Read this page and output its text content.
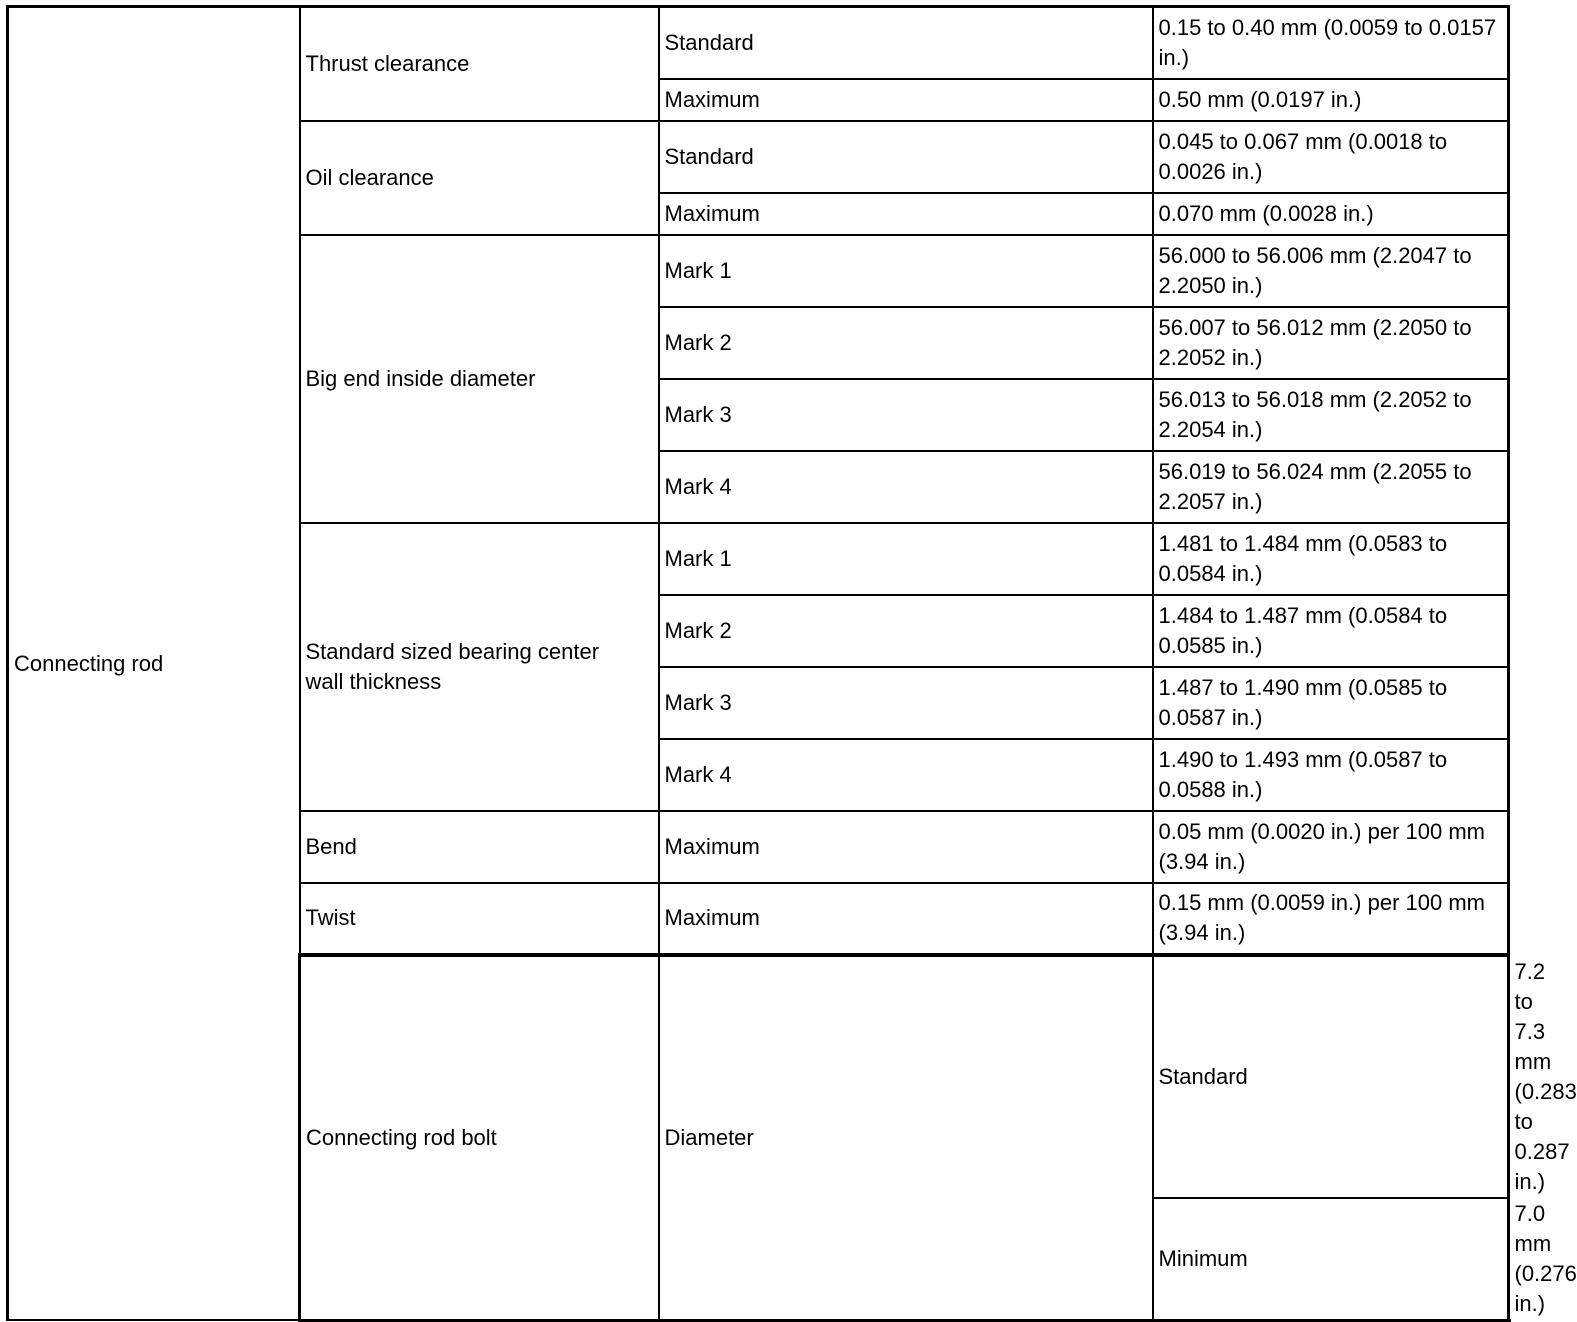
Connecting rod	Thrust clearance	Standard	0.15 to 0.40 mm (0.0059 to 0.0157 in.)	
		Maximum	0.50 mm (0.0197 in.)	
	Oil clearance	Standard	0.045 to 0.067 mm (0.0018 to 0.0026 in.)	
		Maximum	0.070 mm (0.0028 in.)	
	Big end inside diameter	Mark 1	56.000 to 56.006 mm (2.2047 to 2.2050 in.)	
		Mark 2	56.007 to 56.012 mm (2.2050 to 2.2052 in.)	
		Mark 3	56.013 to 56.018 mm (2.2052 to 2.2054 in.)	
		Mark 4	56.019 to 56.024 mm (2.2055 to 2.2057 in.)	
	Standard sized bearing center
wall thickness	Mark 1	1.481 to 1.484 mm (0.0583 to 0.0584 in.)	
		Mark 2	1.484 to 1.487 mm (0.0584 to 0.0585 in.)	
		Mark 3	1.487 to 1.490 mm (0.0585 to 0.0587 in.)	
		Mark 4	1.490 to 1.493 mm (0.0587 to 0.0588 in.)	
	Bend	Maximum	0.05 mm (0.0020 in.) per 100 mm (3.94 in.)	
	Twist	Maximum	0.15 mm (0.0059 in.) per 100 mm (3.94 in.)	
	Connecting rod bolt	Diameter	Standard	7.2 to 7.3 mm (0.283 to 0.287 in.)
			Minimum	7.0 mm (0.276 in.)
